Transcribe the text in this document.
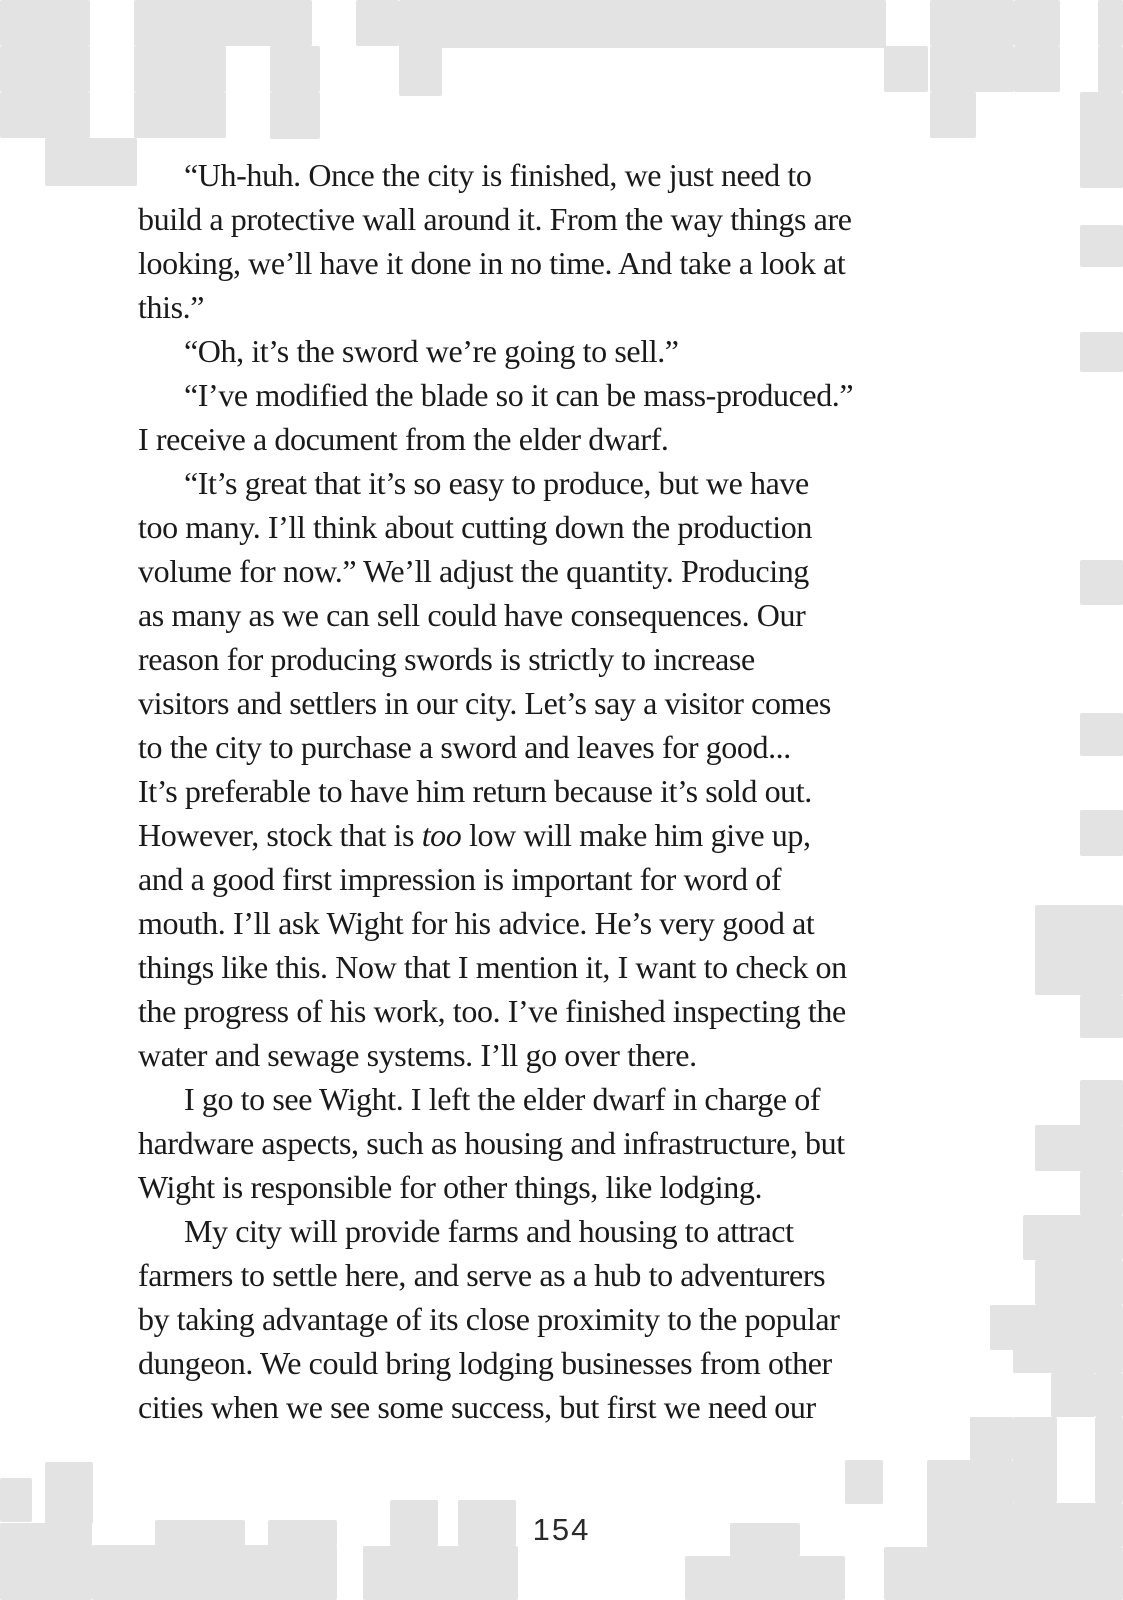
“Uh-huh. Once the city is finished, we just need to
build a protective wall around it. From the way things are
looking, we’ll have it done in no time. And take a look at
this.”

“Oh, it’s the sword we’re going to sell.”

“I’ve modified the blade so it can be mass-produced.”

I receive a document from the elder dwarf.

“It’s great that it’s so easy to produce, but we have
too many. I’ll think about cutting down the production
volume for now.” We’ll adjust the quantity. Producing
as many as we can sell could have consequences. Our
reason for producing swords is strictly to increase
visitors and settlers in our city. Let’s say a visitor comes
to the city to purchase a sword and leaves for good...
It’s preferable to have him return because it’s sold out.
However, stock that is too low will make him give up,
and a good first impression is important for word of
mouth. I’ll ask Wight for his advice. He’s very good at
things like this. Now that I mention it, I want to check on
the progress of his work, too. I’ve finished inspecting the
water and sewage systems. I’ll go over there.

I go to see Wight. I left the elder dwarf in charge of
hardware aspects, such as housing and infrastructure, but
Wight is responsible for other things, like lodging.

My city will provide farms and housing to attract
farmers to settle here, and serve as a hub to adventurers
by taking advantage of its close proximity to the popular
dungeon. We could bring lodging businesses from other
cities when we see some success, but first we need our

154
